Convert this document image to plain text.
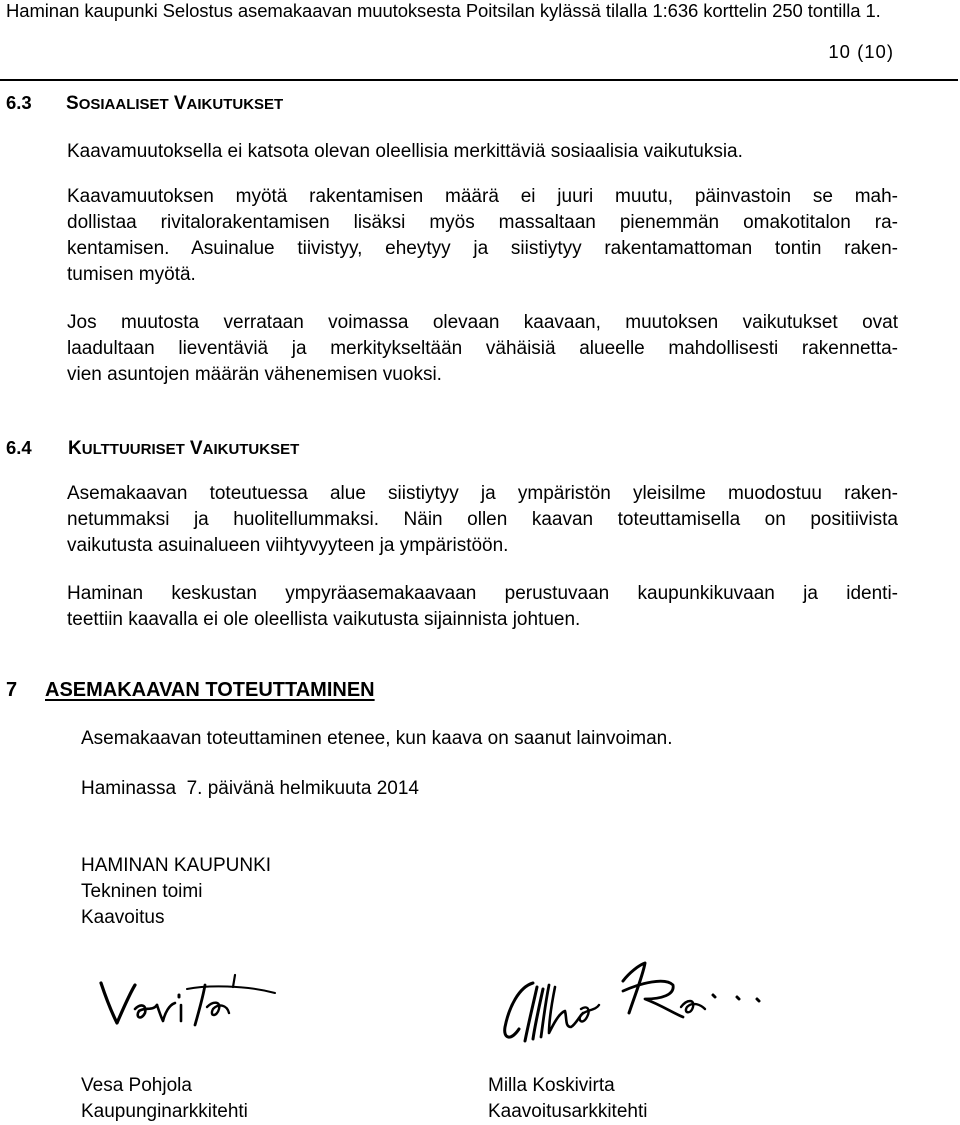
Haminan kaupunki Selostus asemakaavan muutoksesta Poitsilan kylässä tilalla 1:636 korttelin 250 tontilla 1.
10 (10)
6.3 SOSIAALISET VAIKUTUKSET
Kaavamuutoksella ei katsota olevan oleellisia merkittäviä sosiaalisia vaikutuksia.
Kaavamuutoksen myötä rakentamisen määrä ei juuri muutu, päinvastoin se mah-
dollistaa rivitalorakentamisen lisäksi myös massaltaan pienemmän omakotitalon ra-
kentamisen. Asuinalue tiivistyy, eheytyy ja siistiytyy rakentamattoman tontin raken-
tumisen myötä.
Jos muutosta verrataan voimassa olevaan kaavaan, muutoksen vaikutukset ovat
laadultaan lieventäviä ja merkitykseltään vähäisiä alueelle mahdollisesti rakennetta-
vien asuntojen määrän vähenemisen vuoksi.
6.4 KULTTUURISET VAIKUTUKSET
Asemakaavan toteutuessa alue siistiytyy ja ympäristön yleisilme muodostuu raken-
netummaksi ja huolitellummaksi. Näin ollen kaavan toteuttamisella on positiivista
vaikutusta asuinalueen viihtyvyyteen ja ympäristöön.
Haminan keskustan ympyräasemakaavaan perustuvaan kaupunkikuvaan ja identi-
teettiin kaavalla ei ole oleellista vaikutusta sijainnista johtuen.
7 ASEMAKAAVAN TOTEUTTAMINEN
Asemakaavan toteuttaminen etenee, kun kaava on saanut lainvoiman.
Haminassa  7. päivänä helmikuuta 2014
HAMINAN KAUPUNKI
Tekninen toimi
Kaavoitus
Vesa Pohjola
Kaupunginarkkitehti
Milla Koskivirta
Kaavoitusarkkitehti
